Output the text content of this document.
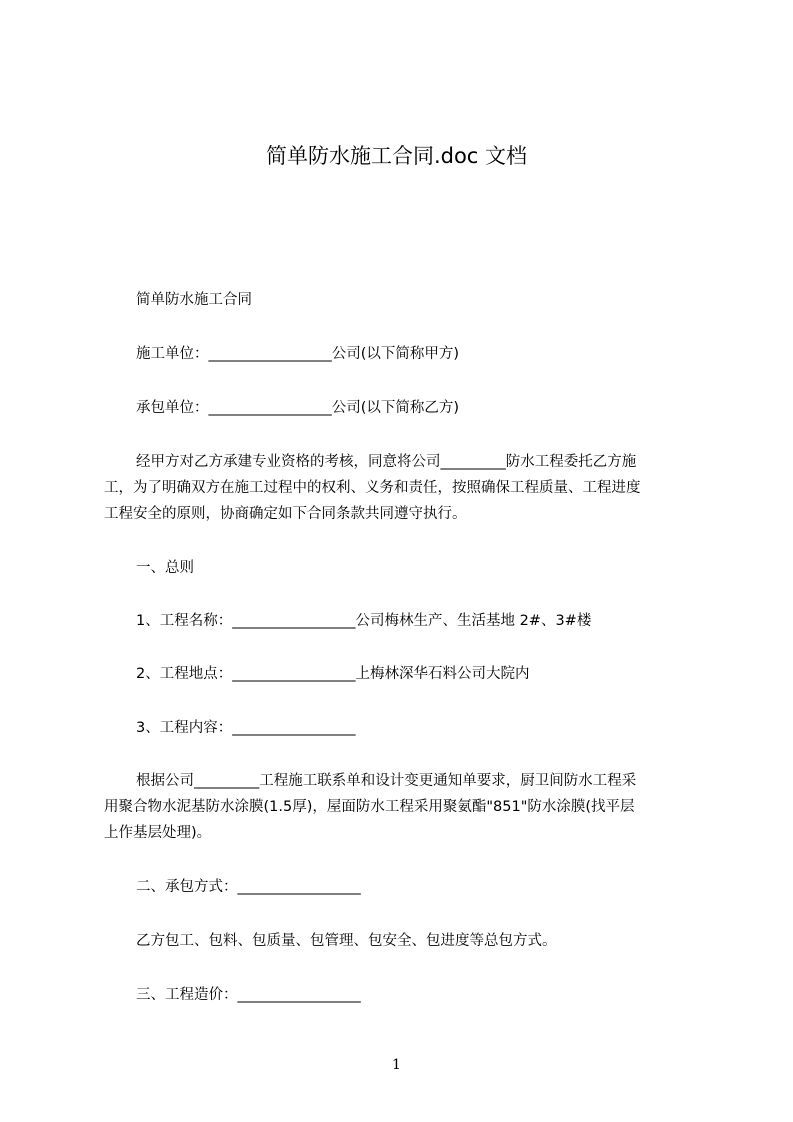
简单防水施工合同.doc 文档
简单防水施工合同
施工单位：_________________公司(以下简称甲方)
承包单位：_________________公司(以下简称乙方)
经甲方对乙方承建专业资格的考核，同意将公司_________防水工程委托乙方施
工，为了明确双方在施工过程中的权利、义务和责任，按照确保工程质量、工程进度
工程安全的原则，协商确定如下合同条款共同遵守执行。
一、总则
1、工程名称：_________________公司梅林生产、生活基地 2#、3#楼
2、工程地点：_________________上梅林深华石料公司大院内
3、工程内容：_________________
根据公司_________工程施工联系单和设计变更通知单要求，厨卫间防水工程采
用聚合物水泥基防水涂膜(1.5厚)，屋面防水工程采用聚氨酯"851"防水涂膜(找平层
上作基层处理)。
二、承包方式：_________________
乙方包工、包料、包质量、包管理、包安全、包进度等总包方式。
三、工程造价：_________________
1
